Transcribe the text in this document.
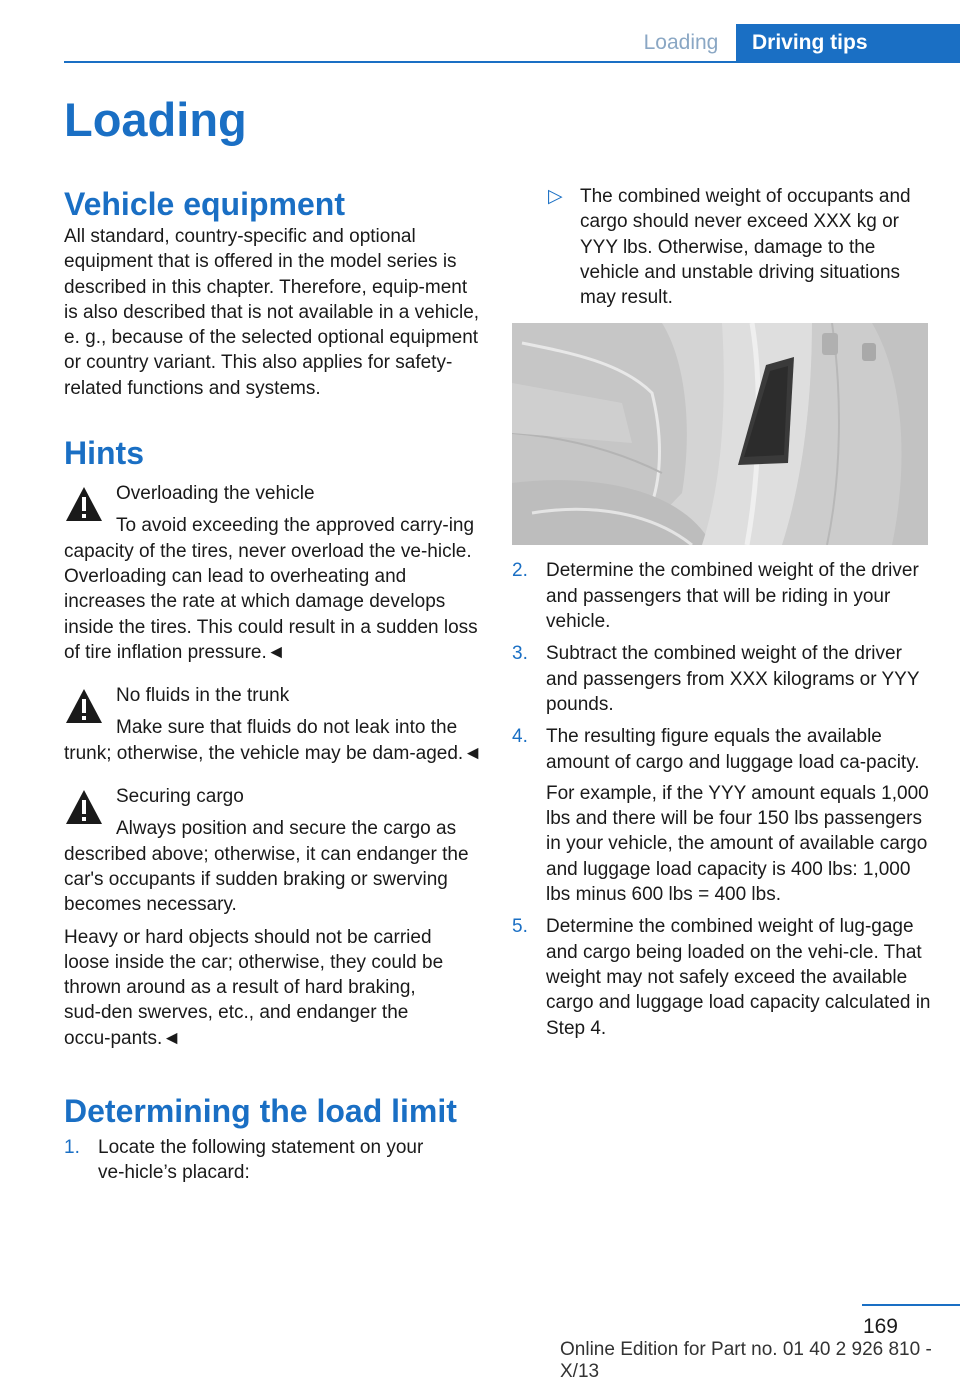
Loading	Driving tips
Loading
Vehicle equipment

All standard, country-specific and optional equipment that is offered in the model series is described in this chapter. Therefore, equip‑ment is also described that is not available in a vehicle, e. g., because of the selected optional equipment or country variant. This also applies for safety-related functions and systems.

Hints

Overloading the vehicle

To avoid exceeding the approved carry‑ing capacity of the tires, never overload the ve‑hicle. Overloading can lead to overheating and increases the rate at which damage develops inside the tires. This could result in a sudden loss of tire inflation pressure.◄

No fluids in the trunk

Make sure that fluids do not leak into the trunk; otherwise, the vehicle may be dam‑aged.◄

Securing cargo

Always position and secure the cargo as described above; otherwise, it can endanger the car's occupants if sudden braking or swerving becomes necessary.

Heavy or hard objects should not be carried loose inside the car; otherwise, they could be thrown around as a result of hard braking, sud‑den swerves, etc., and endanger the occu‑pants.◄

Determining the load limit
1. Locate the following statement on your ve‑hicle’s placard:
▷ The combined weight of occupants and cargo should never exceed XXX kg or YYY lbs. Otherwise, damage to the vehicle and unstable driving situations may result.
2. Determine the combined weight of the driver and passengers that will be riding in your vehicle.
3. Subtract the combined weight of the driver and passengers from XXX kilograms or YYY pounds.
4. The resulting figure equals the available amount of cargo and luggage load ca‑pacity.

For example, if the YYY amount equals 1,000 lbs and there will be four 150 lbs passengers in your vehicle, the amount of available cargo and luggage load capacity is 400 lbs: 1,000 lbs minus 600 lbs = 400 lbs.

5. Determine the combined weight of lug‑gage and cargo being loaded on the vehi‑cle. That weight may not safely exceed the available cargo and luggage load capacity calculated in Step 4.
169
Online Edition for Part no. 01 40 2 926 810 - X/13
